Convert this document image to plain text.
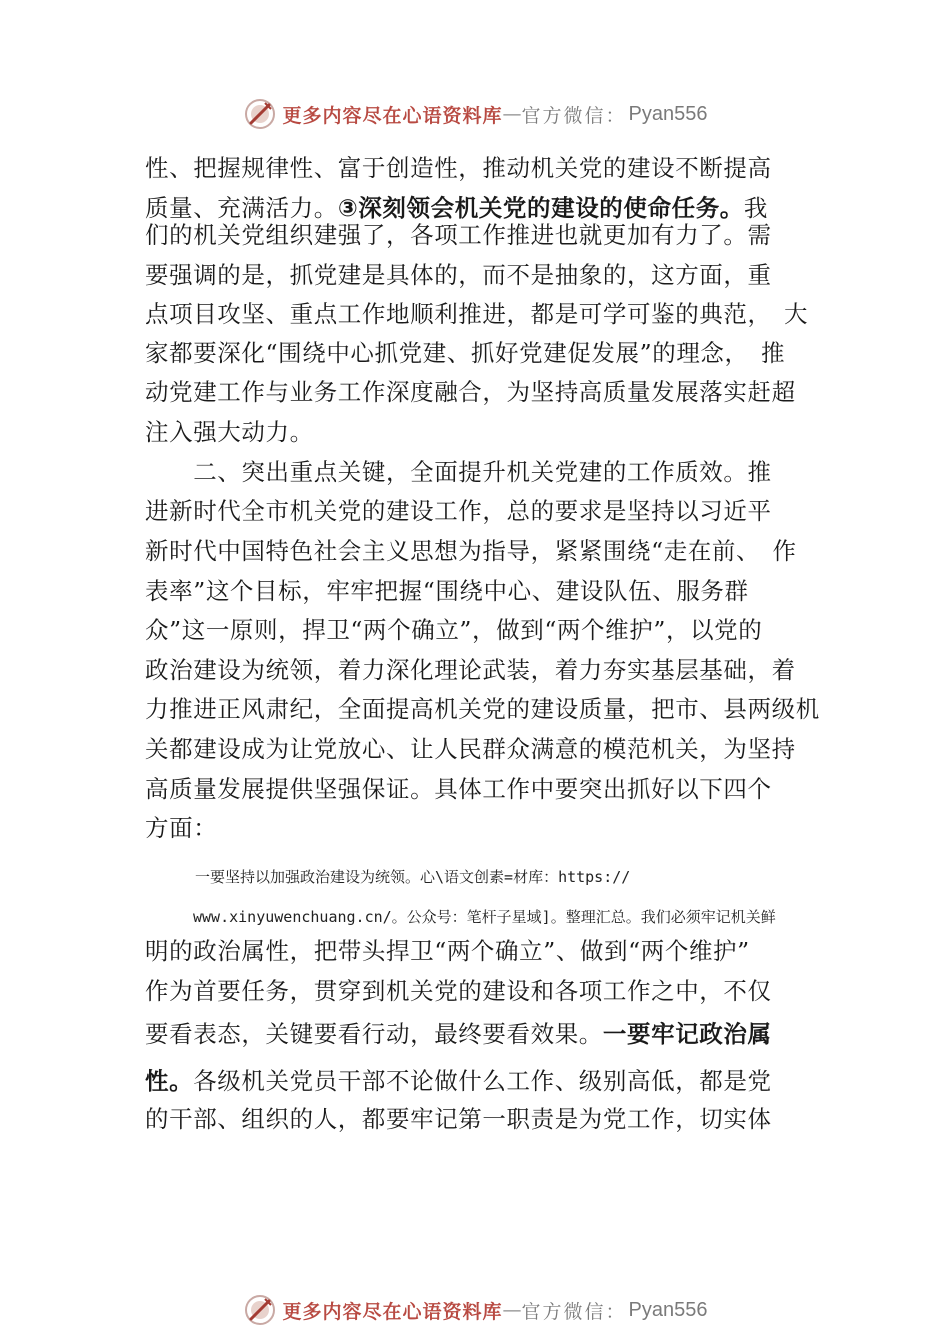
更多内容尽在心语资料库 — 官方微信： Pyan556
性、把握规律性、富于创造性，推动机关党的建设不断提高
质量、充满活力。③深刻领会机关党的建设的使命任务。我
们的机关党组织建强了，各项工作推进也就更加有力了。需
要强调的是，抓党建是具体的，而不是抽象的，这方面，重
点项目攻坚、重点工作地顺利推进，都是可学可鉴的典范，　大
家都要深化“围绕中心抓党建、抓好党建促发展”的理念，　推
动党建工作与业务工作深度融合，为坚持高质量发展落实赶超
注入强大动力。
　　二、突出重点关键，全面提升机关党建的工作质效。推
进新时代全市机关党的建设工作，总的要求是坚持以习近平
新时代中国特色社会主义思想为指导，紧紧围绕“走在前、　作
表率”这个目标，牢牢把握“围绕中心、建设队伍、服务群
众”这一原则，捍卫“两个确立”，做到“两个维护”，以党的
政治建设为统领，着力深化理论武装，着力夯实基层基础，着
力推进正风肃纪，全面提高机关党的建设质量，把市、县两级机
关都建设成为让党放心、让人民群众满意的模范机关，为坚持
高质量发展提供坚强保证。具体工作中要突出抓好以下四个
方面：
一要坚持以加强政治建设为统领。心\语文创素=材库：https://
www.xinyuwenchuang.cn/。公众号：笔杆子星域]。整理汇总。我们必须牢记机关鲜
明的政治属性，把带头捍卫“两个确立”、做到“两个维护”
作为首要任务，贯穿到机关党的建设和各项工作之中，不仅
要看表态，关键要看行动，最终要看效果。一要牢记政治属
性。各级机关党员干部不论做什么工作、级别高低，都是党
的干部、组织的人，都要牢记第一职责是为党工作，切实体
更多内容尽在心语资料库 — 官方微信： Pyan556
